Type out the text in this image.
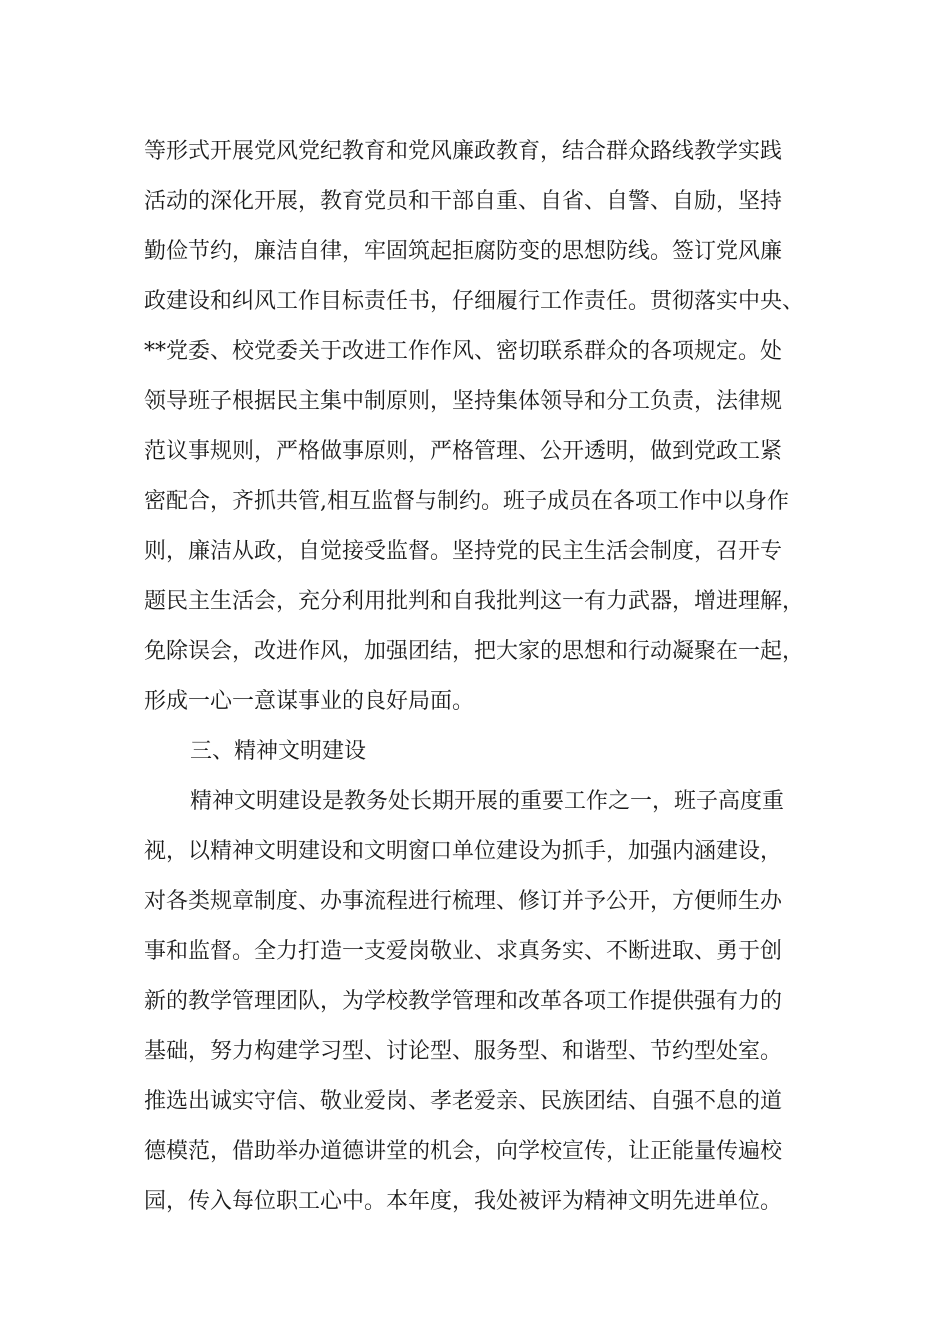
等形式开展党风党纪教育和党风廉政教育，结合群众路线教学实践
活动的深化开展，教育党员和干部自重、自省、自警、自励，坚持
勤俭节约，廉洁自律，牢固筑起拒腐防变的思想防线。签订党风廉
政建设和纠风工作目标责任书，仔细履行工作责任。贯彻落实中央、
**党委、校党委关于改进工作作风、密切联系群众的各项规定。处
领导班子根据民主集中制原则，坚持集体领导和分工负责，法律规
范议事规则，严格做事原则，严格管理、公开透明，做到党政工紧
密配合，齐抓共管,相互监督与制约。班子成员在各项工作中以身作
则，廉洁从政，自觉接受监督。坚持党的民主生活会制度，召开专
题民主生活会，充分利用批判和自我批判这一有力武器，增进理解，
免除误会，改进作风，加强团结，把大家的思想和行动凝聚在一起，
形成一心一意谋事业的良好局面。
三、精神文明建设
精神文明建设是教务处长期开展的重要工作之一，班子高度重
视，以精神文明建设和文明窗口单位建设为抓手，加强内涵建设，
对各类规章制度、办事流程进行梳理、修订并予公开，方便师生办
事和监督。全力打造一支爱岗敬业、求真务实、不断进取、勇于创
新的教学管理团队，为学校教学管理和改革各项工作提供强有力的
基础，努力构建学习型、讨论型、服务型、和谐型、节约型处室。
推选出诚实守信、敬业爱岗、孝老爱亲、民族团结、自强不息的道
德模范，借助举办道德讲堂的机会，向学校宣传，让正能量传遍校
园，传入每位职工心中。本年度，我处被评为精神文明先进单位。
